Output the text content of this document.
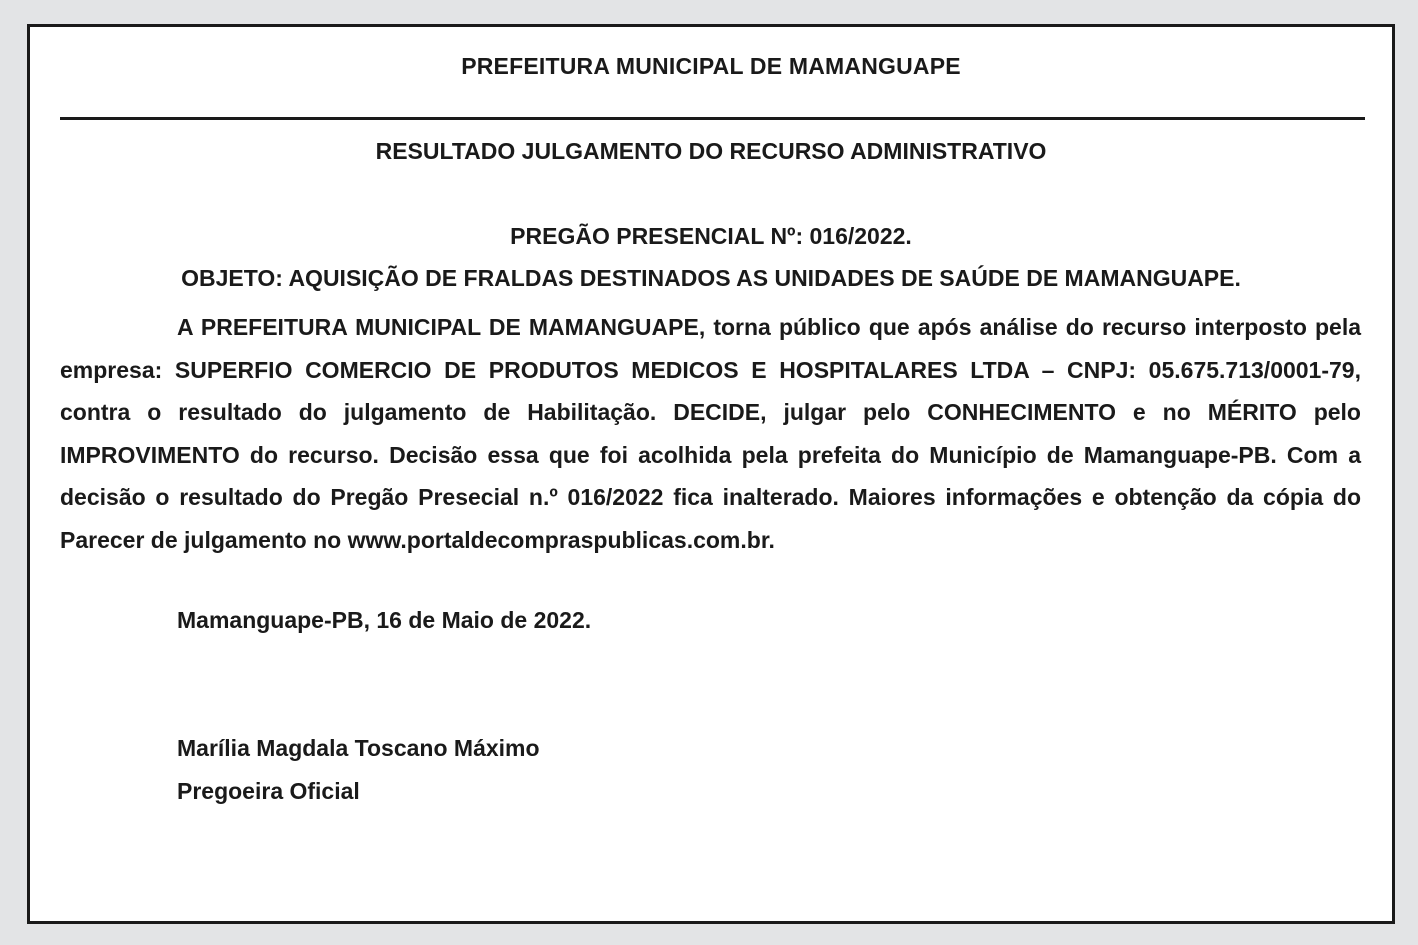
PREFEITURA MUNICIPAL DE MAMANGUAPE
RESULTADO JULGAMENTO DO RECURSO ADMINISTRATIVO
PREGÃO PRESENCIAL Nº: 016/2022.
OBJETO: AQUISIÇÃO DE FRALDAS DESTINADOS AS UNIDADES DE SAÚDE DE MAMANGUAPE.
A PREFEITURA MUNICIPAL DE MAMANGUAPE, torna público que após análise do recurso interposto pela empresa: SUPERFIO COMERCIO DE PRODUTOS MEDICOS E HOSPITALARES LTDA – CNPJ: 05.675.713/0001-79, contra o resultado do julgamento de Habilitação. DECIDE, julgar pelo CONHECIMENTO e no MÉRITO pelo IMPROVIMENTO do recurso. Decisão essa que foi acolhida pela prefeita do Município de Mamanguape-PB. Com a decisão o resultado do Pregão Presecial n.º 016/2022 fica inalterado. Maiores informações e obtenção da cópia do Parecer de julgamento no www.portaldecompraspublicas.com.br.
Mamanguape-PB, 16 de Maio de 2022.
Marília Magdala Toscano Máximo
Pregoeira Oficial
